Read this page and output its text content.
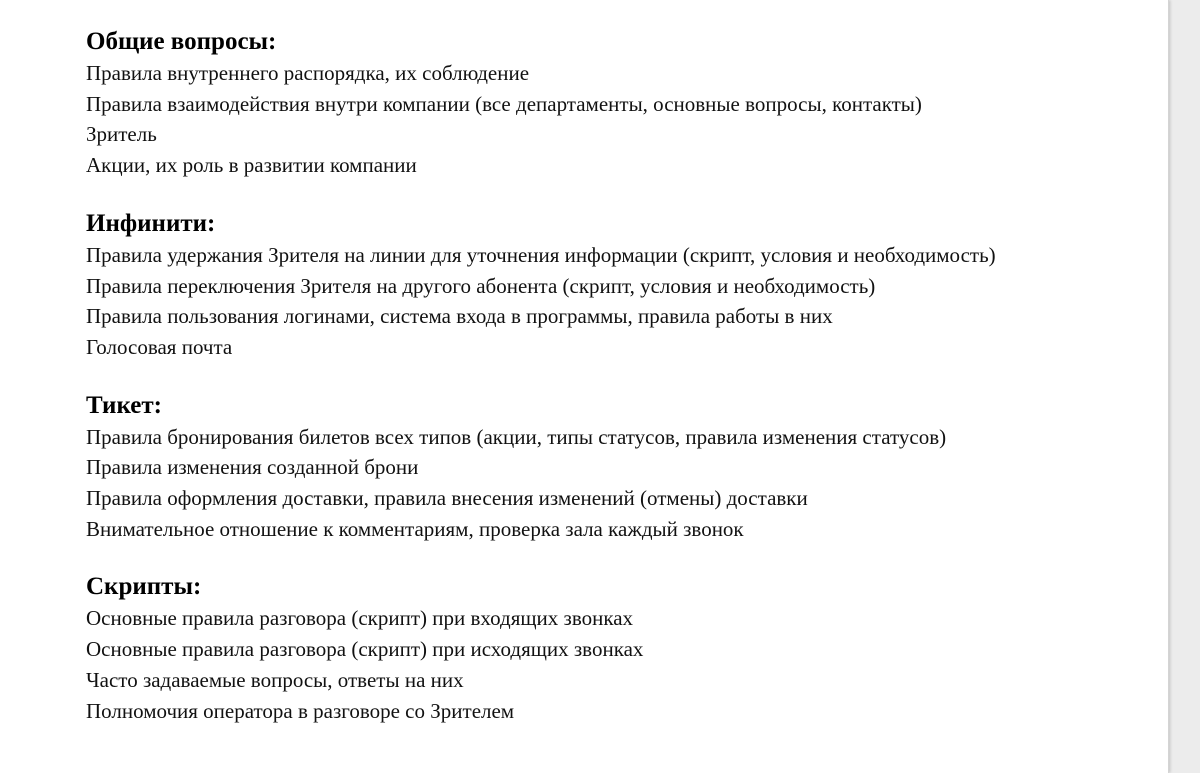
Общие вопросы:
Правила внутреннего распорядка, их соблюдение
Правила взаимодействия внутри компании (все департаменты, основные вопросы, контакты)
Зритель
Акции, их роль в развитии компании
Инфинити:
Правила удержания Зрителя на линии для уточнения информации (скрипт, условия и необходимость)
Правила переключения Зрителя на другого абонента (скрипт, условия и необходимость)
Правила пользования логинами, система входа в программы, правила работы в них
Голосовая почта
Тикет:
Правила бронирования билетов всех типов (акции, типы статусов, правила изменения статусов)
Правила изменения созданной брони
Правила оформления доставки, правила внесения изменений (отмены) доставки
Внимательное отношение к комментариям, проверка зала каждый звонок
Скрипты:
Основные правила разговора (скрипт) при входящих звонках
Основные правила разговора (скрипт) при исходящих звонках
Часто задаваемые вопросы, ответы на них
Полномочия оператора в разговоре со Зрителем
